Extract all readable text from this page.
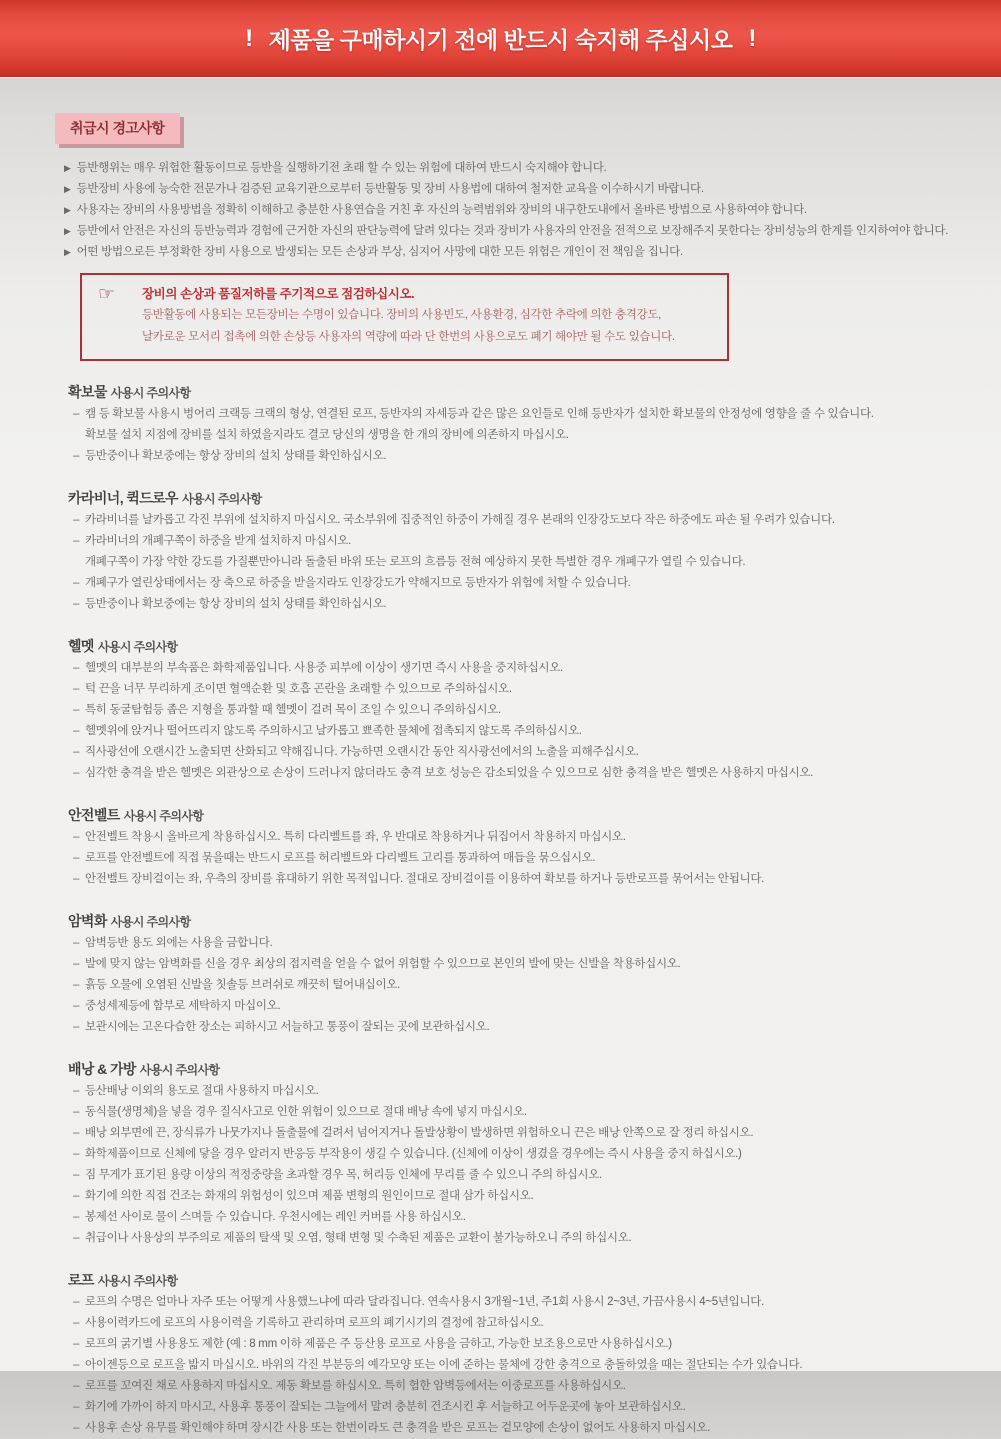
! 제품을 구매하시기 전에 반드시 숙지해 주십시오 !
취급시 경고사항
▶ 등반행위는 매우 위험한 활동이므로 등반을 실행하기전 초래 할 수 있는 위험에 대하여 반드시 숙지해야 합니다.
▶ 등반장비 사용에 능숙한 전문가나 검증된 교육기관으로부터 등반활동 및 장비 사용법에 대하여 철저한 교육을 이수하시기 바랍니다.
▶ 사용자는 장비의 사용방법을 정확히 이해하고 충분한 사용연습을 거친 후 자신의 능력범위와 장비의 내구한도내에서 올바른 방법으로 사용하여야 합니다.
▶ 등반에서 안전은 자신의 등반능력과 경험에 근거한 자신의 판단능력에 달려 있다는 것과 장비가 사용자의 안전을 전적으로 보장해주지 못한다는 장비성능의 한계를 인지하여야 합니다.
▶ 어떤 방법으로든 부정확한 장비 사용으로 발생되는 모든 손상과 부상, 심지어 사망에 대한 모든 위험은 개인이 전 책임을 집니다.
☞	장비의 손상과 품질저하를 주기적으로 점검하십시오.
등반활동에 사용되는 모든장비는 수명이 있습니다. 장비의 사용빈도, 사용환경, 심각한 추락에 의한 충격강도,
날카로운 모서리 접촉에 의한 손상등 사용자의 역량에 따라 단 한번의 사용으로도 폐기 해야만 될 수도 있습니다.
확보물 사용시 주의사항
– 캠 등 확보물 사용시 벙어리 크랙등 크랙의 형상, 연결된 로프, 등반자의 자세등과 같은 많은 요인들로 인해 등반자가 설치한 확보물의 안정성에 영향을 줄 수 있습니다.
확보물 설치 지점에 장비를 설치 하였을지라도 결코 당신의 생명을 한 개의 장비에 의존하지 마십시오.
– 등반중이나 확보중에는 항상 장비의 설치 상태를 확인하십시오.
카라비너, 퀵드로우 사용시 주의사항
– 카라비너를 날카롭고 각진 부위에 설치하지 마십시오. 국소부위에 집중적인 하중이 가해질 경우 본래의 인장강도보다 작은 하중에도 파손 될 우려가 있습니다.
– 카라비너의 개폐구쪽이 하중을 받게 설치하지 마십시오.
개폐구쪽이 가장 약한 강도를 가질뿐만아니라 돌출된 바위 또는 로프의 흐름등 전혀 예상하지 못한 특별한 경우 개폐구가 열릴 수 있습니다.
– 개폐구가 열린상태에서는 장 축으로 하중을 받을지라도 인장강도가 약해지므로 등반자가 위험에 처할 수 있습니다.
– 등반중이나 확보중에는 항상 장비의 설치 상태를 확인하십시오.
헬멧 사용시 주의사항
– 헬멧의 대부분의 부속품은 화학제품입니다. 사용중 피부에 이상이 생기면 즉시 사용을 중지하십시오.
– 턱 끈을 너무 무리하게 조이면 혈액순환 및 호흡 곤란을 초래할 수 있으므로 주의하십시오.
– 특히 동굴탐험등 좁은 지형을 통과할 때 헬멧이 걸려 목이 조일 수 있으니 주의하십시오.
– 헬멧위에 앉거나 떨어뜨리지 않도록 주의하시고 날카롭고 뾰족한 물체에 접촉되지 않도록 주의하십시오.
– 직사광선에 오랜시간 노출되면 산화되고 약해집니다. 가능하면 오랜시간 동안 직사광선에서의 노출을 피해주십시오.
– 심각한 충격을 받은 헬멧은 외관상으로 손상이 드러나지 않더라도 충격 보호 성능은 감소되었을 수 있으므로 심한 충격을 받은 헬멧은 사용하지 마십시오.
안전벨트 사용시 주의사항
– 안전벨트 착용시 올바르게 착용하십시오. 특히 다리벨트를 좌, 우 반대로 착용하거나 뒤집어서 착용하지 마십시오.
– 로프를 안전벨트에 직접 묶을때는 반드시 로프를 허리벨트와 다리벨트 고리를 통과하여 매듭을 묶으십시오.
– 안전벨트 장비걸이는 좌, 우측의 장비를 휴대하기 위한 목적입니다. 절대로 장비걸이를 이용하여 확보를 하거나 등반로프를 묶어서는 안됩니다.
암벽화 사용시 주의사항
– 암벽등반 용도 외에는 사용을 금합니다.
– 발에 맞지 않는 암벽화를 신을 경우 최상의 접지력을 얻을 수 없어 위험할 수 있으므로 본인의 발에 맞는 신발을 착용하십시오.
– 흙등 오물에 오염된 신발을 칫솔등 브러쉬로 깨끗히 털어내십이오.
– 중성세제등에 함부로 세탁하지 마십이오.
– 보관시에는 고온다습한 장소는 피하시고 서늘하고 통풍이 잘되는 곳에 보관하십시오.
배낭 & 가방 사용시 주의사항
– 등산배낭 이외의 용도로 절대 사용하지 마십시오.
– 동식물(생명체)을 넣을 경우 질식사고로 인한 위험이 있으므로 절대 배낭 속에 넣지 마십시오.
– 배낭 외부면에 끈, 장식류가 나뭇가지나 돌출물에 걸려서 넘어지거나 돌발상황이 발생하면 위험하오니 끈은 배낭 안쪽으로 잘 정리 하십시오.
– 화학제품이므로 신체에 닿을 경우 알러지 반응등 부작용이 생길 수 있습니다. (신체에 이상이 생겼을 경우에는 즉시 사용을 중지 하십시오.)
– 짐 무게가 표기된 용량 이상의 적정중량을 초과할 경우 목, 허리등 인체에 무리를 줄 수 있으니 주의 하십시오.
– 화기에 의한 직접 건조는 화재의 위험성이 있으며 제품 변형의 원인이므로 절대 삼가 하십시오.
– 봉제선 사이로 물이 스며들 수 있습니다. 우천시에는 레인 커버를 사용 하십시오.
– 취급이나 사용상의 부주의로 제품의 탈색 및 오염, 형태 변형 및 수축된 제품은 교환이 불가능하오니 주의 하십시오.
로프 사용시 주의사항
– 로프의 수명은 얼마나 자주 또는 어떻게 사용했느냐에 따라 달라집니다. 연속사용시 3개월~1년, 주1회 사용시 2~3년, 가끔사용시 4~5년입니다.
– 사용이력카드에 로프의 사용이력을 기록하고 관리하며 로프의 폐기시기의 결정에 참고하십시오.
– 로프의 굵기별 사용용도 제한 (예 : 8 mm 이하 제품은 주 등산용 로프로 사용을 금하고, 가능한 보조용으로만 사용하십시오.)
– 아이젠등으로 로프을 밟지 마십시오. 바위의 각진 부분등의 예각모양 또는 이에 준하는 물체에 강한 충격으로 충돌하였을 때는 절단되는 수가 있습니다.
– 로프를 꼬여진 채로 사용하지 마십시오. 제동 확보를 하십시오. 특히 험한 암벽등에서는 이중로프를 사용하십시오.
– 화기에 가까이 하지 마시고, 사용후 통풍이 잘되는 그늘에서 말려 충분히 건조시킨 후 서늘하고 어두운곳에 놓아 보관하십시오.
– 사용후 손상 유무를 확인해야 하며 장시간 사용 또는 한번이라도 큰 충격을 받은 로프는 겉모양에 손상이 없어도 사용하지 마십시오.
